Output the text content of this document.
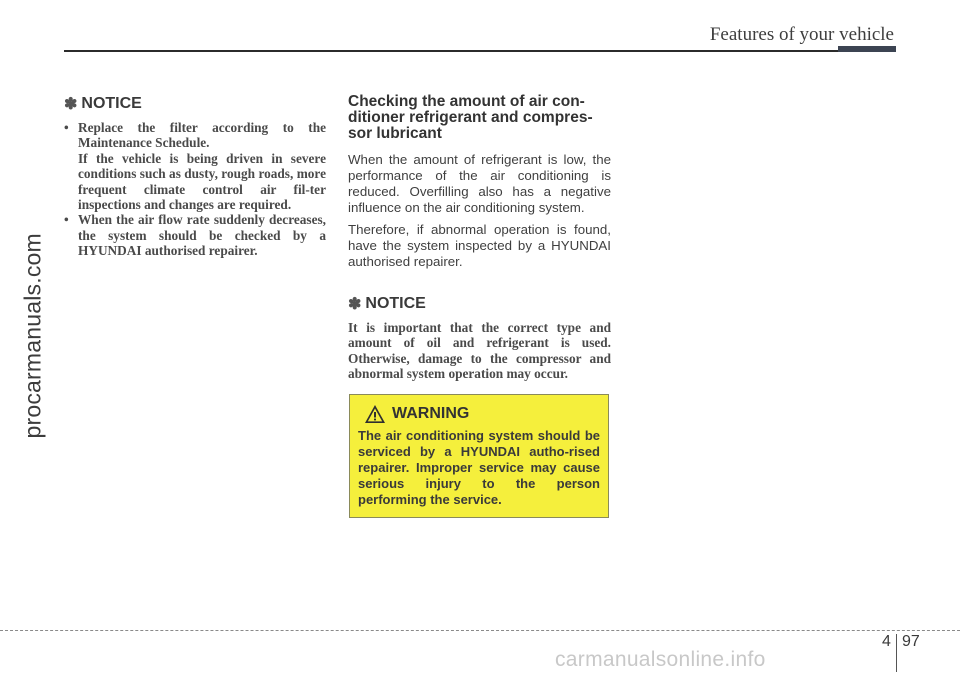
Features of your vehicle
procarmanuals.com
✽ NOTICE
• Replace the filter according to the Maintenance Schedule.

If the vehicle is being driven in severe conditions such as dusty, rough roads, more frequent climate control air fil-ter inspections and changes are required.

• When the air flow rate suddenly decreases, the system should be checked by a HYUNDAI authorised repairer.

Checking the amount of air con-ditioner refrigerant and compres-sor lubricant

When the amount of refrigerant is low, the performance of the air conditioning is reduced. Overfilling also has a negative influence on the air conditioning system.

Therefore, if abnormal operation is found, have the system inspected by a HYUNDAI authorised repairer.

✽ NOTICE

It is important that the correct type and amount of oil and refrigerant is used. Otherwise, damage to the compressor and abnormal system operation may occur.

WARNING

The air conditioning system should be serviced by a HYUNDAI autho-rised repairer. Improper service may cause serious injury to the person performing the service.

4 97
carmanualsonline.info
